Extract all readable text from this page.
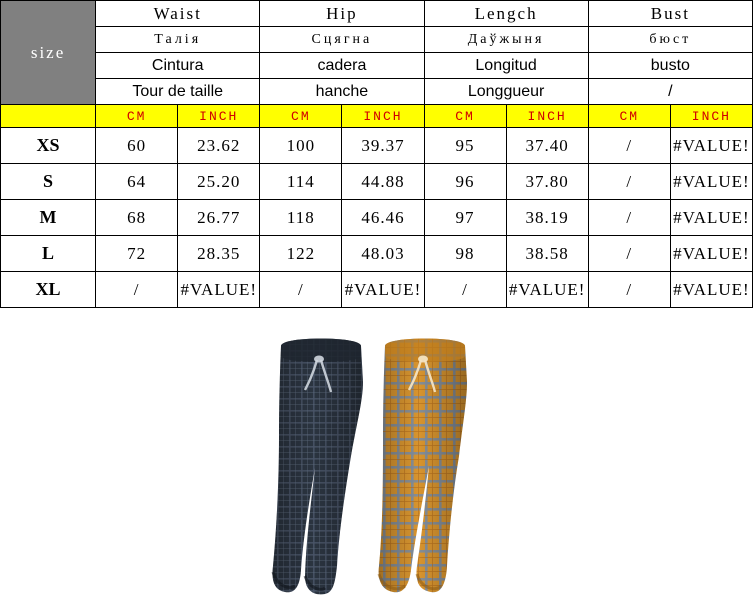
size	Waist		Hip		Lengch		Bust	
	Талія		Сцягна		Даўжыня		бюст	
	Cintura		cadera		Longitud		busto	
	Tour de taille		hanche		Longgueur		/	
	CM	INCH	CM	INCH	CM	INCH	CM	INCH
XS	60	23.62	100	39.37	95	37.40	/	#VALUE!
S	64	25.20	114	44.88	96	37.80	/	#VALUE!
M	68	26.77	118	46.46	97	38.19	/	#VALUE!
L	72	28.35	122	48.03	98	38.58	/	#VALUE!
XL	/	#VALUE!	/	#VALUE!	/	#VALUE!	/	#VALUE!
